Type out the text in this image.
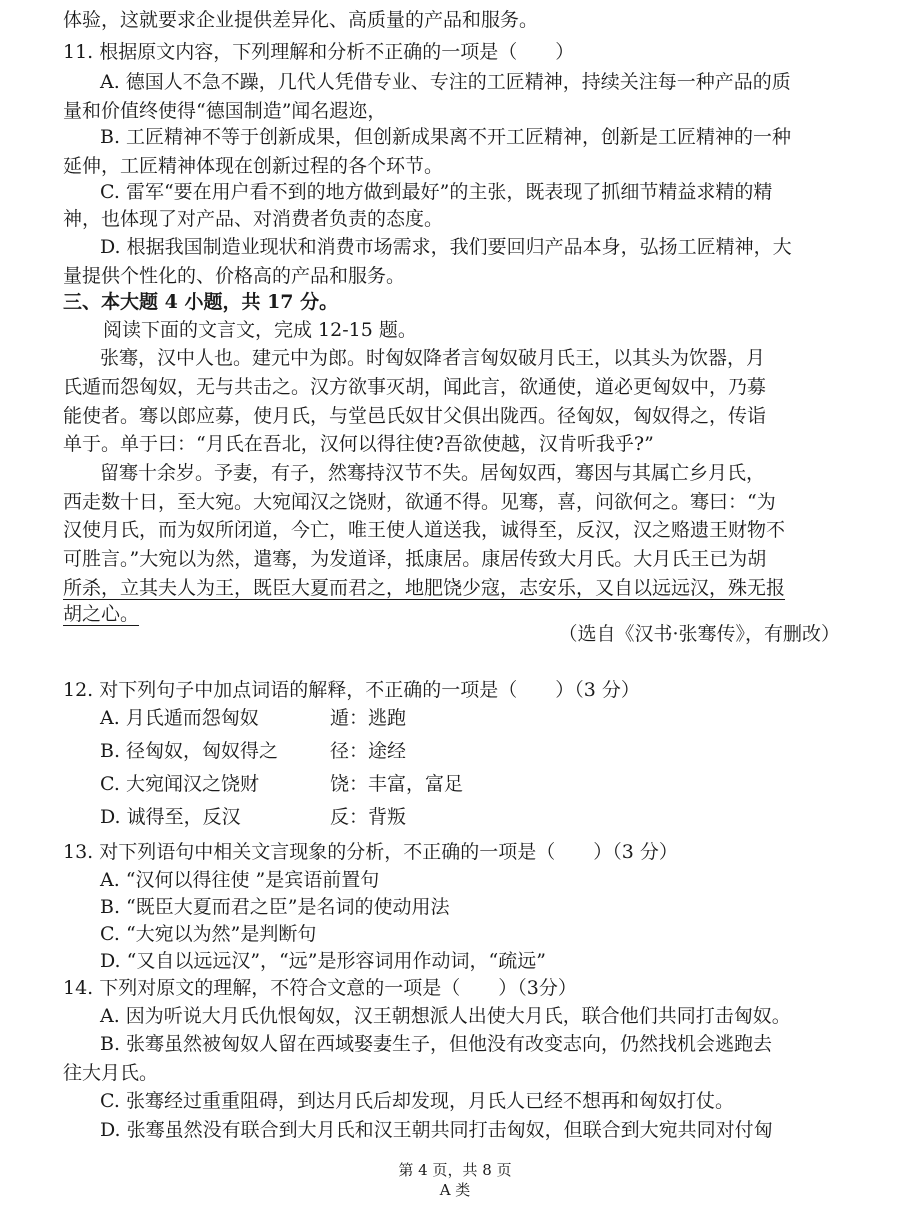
体验，这就要求企业提供差异化、高质量的产品和服务。
11. 根据原文内容，下列理解和分析不正确的一项是（　　）
A. 德国人不急不躁，几代人凭借专业、专注的工匠精神，持续关注每一种产品的质
量和价值终使得“德国制造”闻名遐迩，
B. 工匠精神不等于创新成果，但创新成果离不开工匠精神，创新是工匠精神的一种
延伸，工匠精神体现在创新过程的各个环节。
C. 雷军“要在用户看不到的地方做到最好”的主张，既表现了抓细节精益求精的精
神，也体现了对产品、对消费者负责的态度。
D. 根据我国制造业现状和消费市场需求，我们要回归产品本身，弘扬工匠精神，大
量提供个性化的、价格高的产品和服务。
三、本大题 4 小题，共 17 分。
阅读下面的文言文，完成 12-15 题。
张骞，汉中人也。建元中为郎。时匈奴降者言匈奴破月氏王，以其头为饮器，月
氏遁而怨匈奴，无与共击之。汉方欲事灭胡，闻此言，欲通使，道必更匈奴中，乃募
能使者。骞以郎应募，使月氏，与堂邑氏奴甘父俱出陇西。径匈奴，匈奴得之，传诣
单于。单于曰：“月氏在吾北，汉何以得往使?吾欲使越，汉肯听我乎?”
留骞十余岁。予妻，有子，然骞持汉节不失。居匈奴西，骞因与其属亡乡月氏，
西走数十日，至大宛。大宛闻汉之饶财，欲通不得。见骞，喜，问欲何之。骞曰：“为
汉使月氏，而为奴所闭道，今亡，唯王使人道送我，诚得至，反汉，汉之赂遗王财物不
可胜言。”大宛以为然，遣骞，为发道译，抵康居。康居传致大月氏。大月氏王已为胡
所杀，立其夫人为王，既臣大夏而君之，地肥饶少寇，志安乐，又自以远远汉，殊无报
胡之心。
（选自《汉书·张骞传》，有删改）
12. 对下列句子中加点词语的解释，不正确的一项是（　　）（3 分）
A. 月氏遁而怨匈奴	遁：逃跑
B. 径匈奴，匈奴得之	径：途经
C. 大宛闻汉之饶财	饶：丰富，富足
D. 诚得至，反汉	反：背叛
13. 对下列语句中相关文言现象的分析，不正确的一项是（　　）（3 分）
A. “汉何以得往使 ”是宾语前置句
B. “既臣大夏而君之臣”是名词的使动用法
C. “大宛以为然”是判断句
D. “又自以远远汉”，“远”是形容词用作动词，“疏远”
14. 下列对原文的理解，不符合文意的一项是（　　）（3分）
A. 因为听说大月氏仇恨匈奴，汉王朝想派人出使大月氏，联合他们共同打击匈奴。
B. 张骞虽然被匈奴人留在西域娶妻生子，但他没有改变志向，仍然找机会逃跑去
往大月氏。
C. 张骞经过重重阻碍，到达月氏后却发现，月氏人已经不想再和匈奴打仗。
D. 张骞虽然没有联合到大月氏和汉王朝共同打击匈奴，但联合到大宛共同对付匈
第 4 页，共 8 页
A 类
